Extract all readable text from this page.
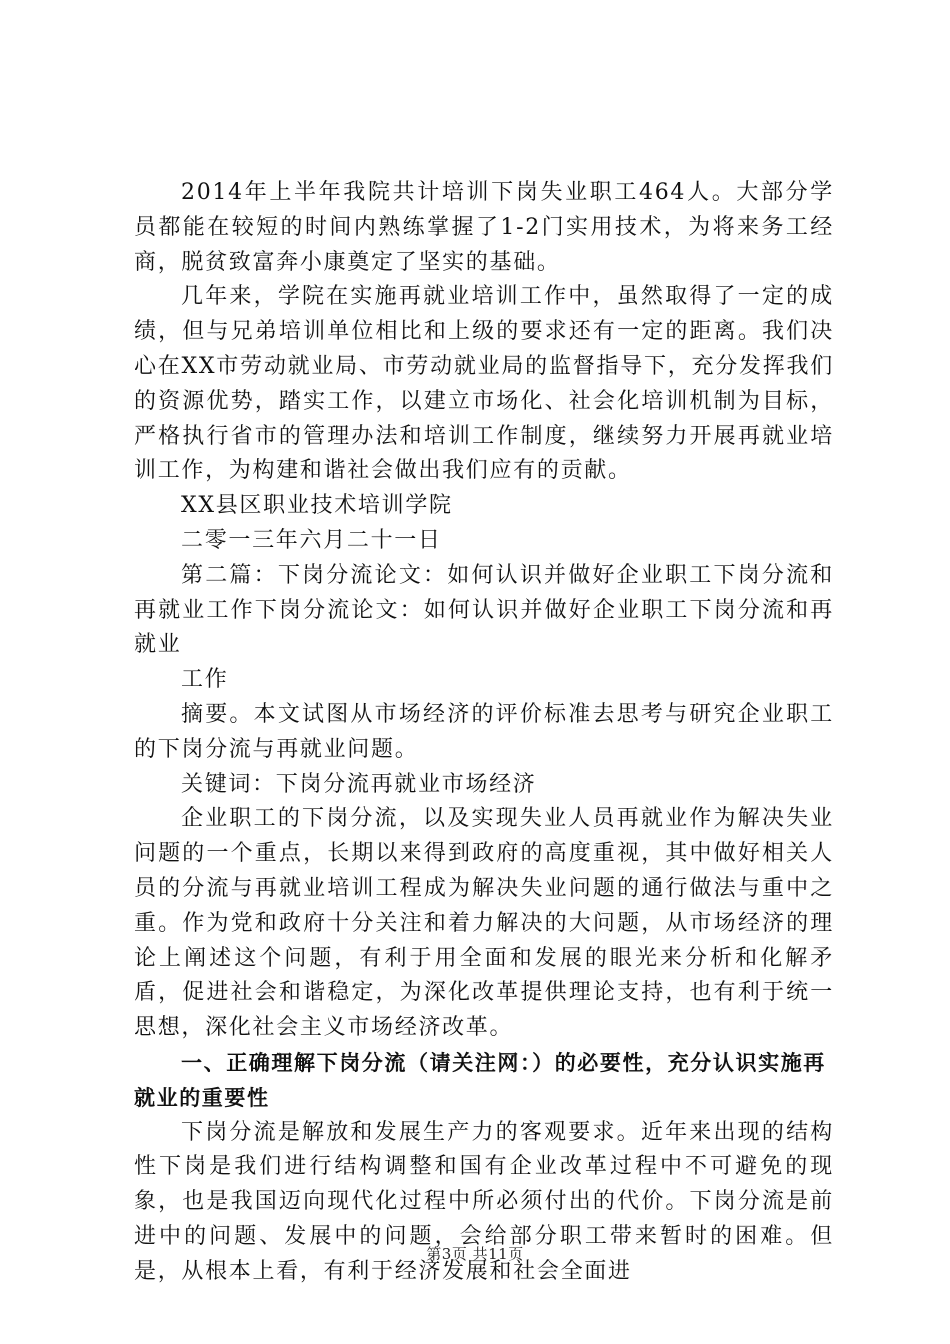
2014年上半年我院共计培训下岗失业职工464人。大部分学员都能在较短的时间内熟练掌握了1-2门实用技术，为将来务工经商，脱贫致富奔小康奠定了坚实的基础。

几年来，学院在实施再就业培训工作中，虽然取得了一定的成绩，但与兄弟培训单位相比和上级的要求还有一定的距离。我们决心在XX市劳动就业局、市劳动就业局的监督指导下，充分发挥我们的资源优势，踏实工作，以建立市场化、社会化培训机制为目标，严格执行省市的管理办法和培训工作制度，继续努力开展再就业培训工作，为构建和谐社会做出我们应有的贡献。

XX县区职业技术培训学院

二零一三年六月二十一日

第二篇：下岗分流论文：如何认识并做好企业职工下岗分流和再就业工作下岗分流论文：如何认识并做好企业职工下岗分流和再就业

工作

摘要。本文试图从市场经济的评价标准去思考与研究企业职工的下岗分流与再就业问题。

关键词：下岗分流再就业市场经济

企业职工的下岗分流，以及实现失业人员再就业作为解决失业问题的一个重点，长期以来得到政府的高度重视，其中做好相关人员的分流与再就业培训工程成为解决失业问题的通行做法与重中之重。作为党和政府十分关注和着力解决的大问题，从市场经济的理论上阐述这个问题，有利于用全面和发展的眼光来分析和化解矛盾，促进社会和谐稳定，为深化改革提供理论支持，也有利于统一思想，深化社会主义市场经济改革。

一、正确理解下岗分流（请关注网：）的必要性，充分认识实施再就业的重要性

下岗分流是解放和发展生产力的客观要求。近年来出现的结构性下岗是我们进行结构调整和国有企业改革过程中不可避免的现象，也是我国迈向现代化过程中所必须付出的代价。下岗分流是前进中的问题、发展中的问题，会给部分职工带来暂时的困难。但是，从根本上看，有利于经济发展和社会全面进

第3页 共11页
